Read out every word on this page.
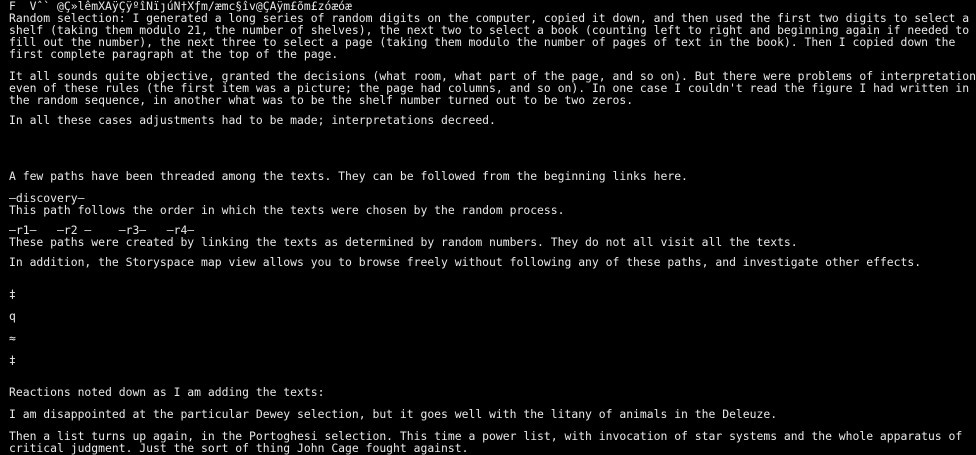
F  Vˆ` @Ç»lêmXAÿÇÿºîNïȷúN†Xƒm/æmc§îv@ÇAÿm£õm£zóæóæ
Random selection: I generated a long series of random digits on the computer, copied it down, and then used the first two digits to select a
shelf (taking them modulo 21, the number of shelves), the next two to select a book (counting left to right and beginning again if needed to
fill out the number), the next three to select a page (taking them modulo the number of pages of text in the book). Then I copied down the
first complete paragraph at the top of the page.
It all sounds quite objective, granted the decisions (what room, what part of the page, and so on). But there were problems of interpretation
even of these rules (the first item was a picture; the page had columns, and so on). In one case I couldn't read the figure I had written in
the random sequence, in another what was to be the shelf number turned out to be two zeros.
In all these cases adjustments had to be made; interpretations decreed.
A few paths have been threaded among the texts. They can be followed from the beginning links here.
–discovery–
This path follows the order in which the texts were chosen by the random process.
–r1–   –r2 –    –r3–   –r4–
These paths were created by linking the texts as determined by random numbers. They do not all visit all the texts.
In addition, the Storyspace map view allows you to browse freely without following any of these paths, and investigate other effects.
‡
q
≈
‡
Reactions noted down as I am adding the texts:
I am disappointed at the particular Dewey selection, but it goes well with the litany of animals in the Deleuze.
Then a list turns up again, in the Portoghesi selection. This time a power list, with invocation of star systems and the whole apparatus of
critical judgment. Just the sort of thing John Cage fought against.
